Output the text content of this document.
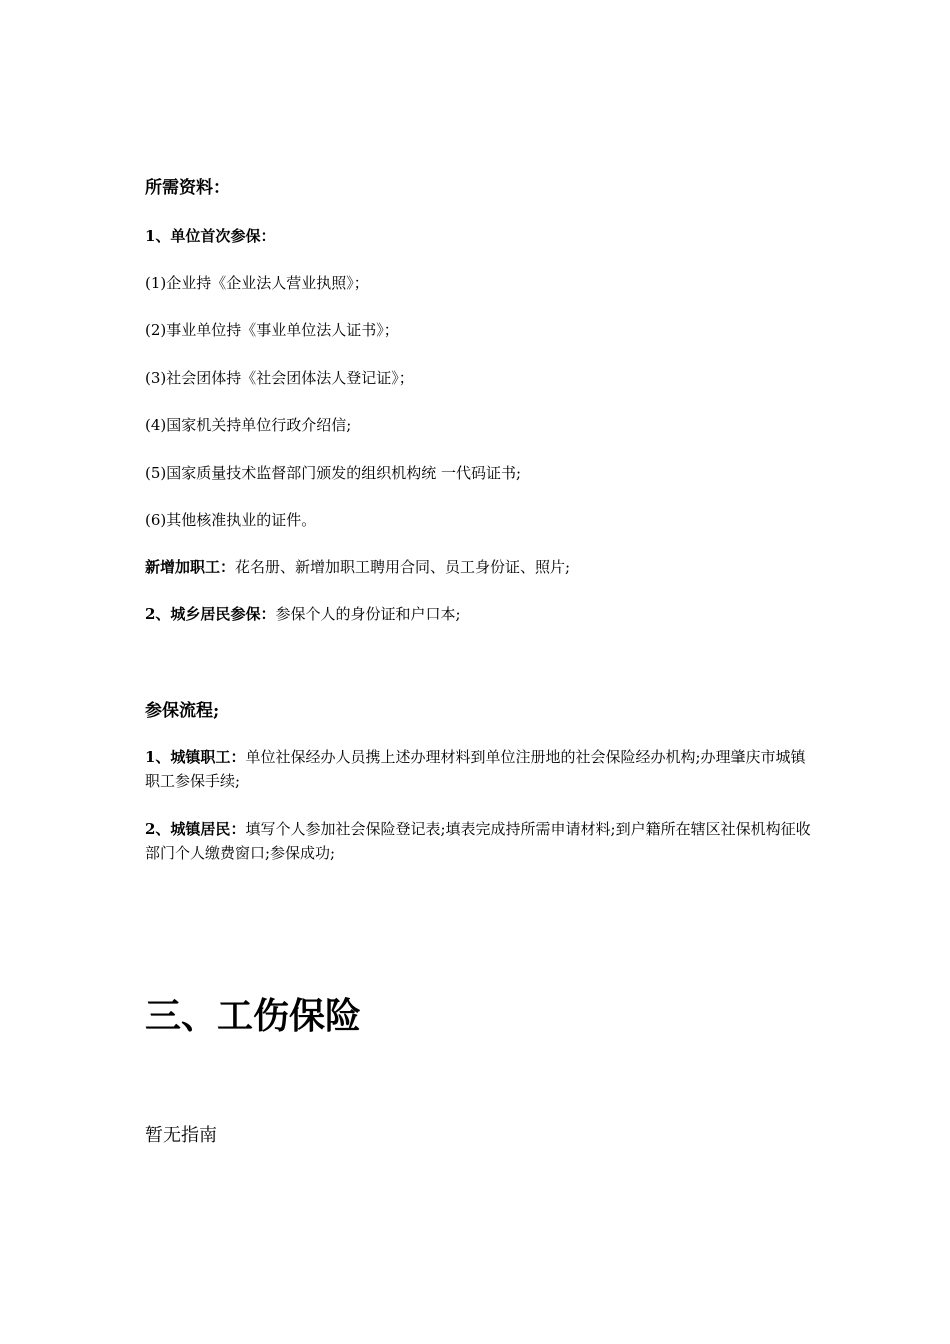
所需资料：
1、单位首次参保：
(1)企业持《企业法人营业执照》；
(2)事业单位持《事业单位法人证书》；
(3)社会团体持《社会团体法人登记证》；
(4)国家机关持单位行政介绍信;
(5)国家质量技术监督部门颁发的组织机构统 一代码证书;
(6)其他核准执业的证件。
新增加职工：花名册、新增加职工聘用合同、员工身份证、照片;
2、城乡居民参保：参保个人的身份证和户口本;
参保流程;
1、城镇职工：单位社保经办人员携上述办理材料到单位注册地的社会保险经办机构;办理肇庆市城镇职工参保手续;
2、城镇居民：填写个人参加社会保险登记表;填表完成持所需申请材料;到户籍所在辖区社保机构征收部门个人缴费窗口;参保成功;
三、工伤保险
暂无指南
